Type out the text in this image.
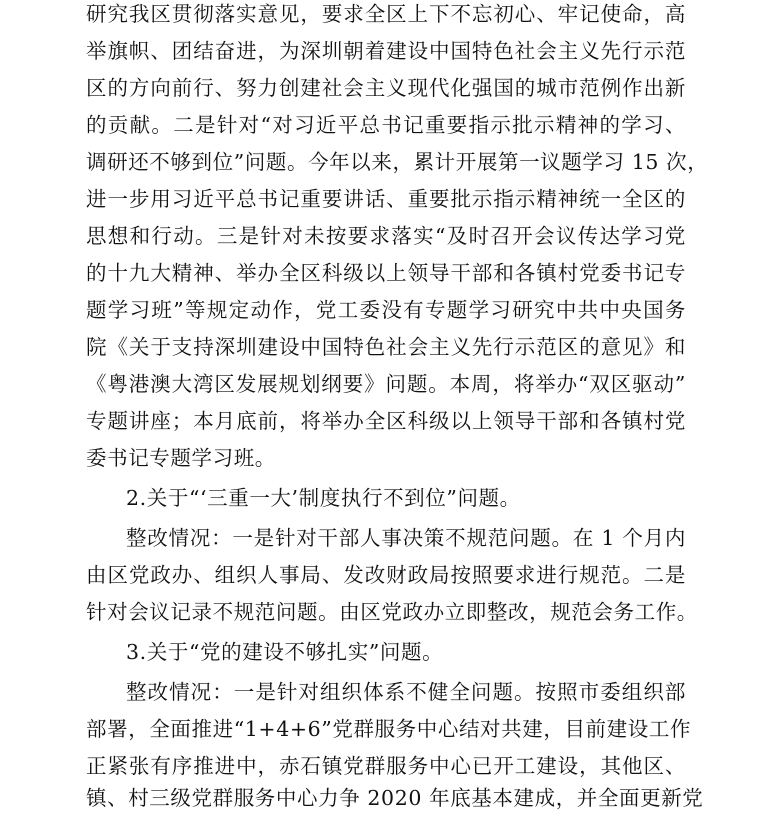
研究我区贯彻落实意见，要求全区上下不忘初心、牢记使命，高
举旗帜、团结奋进，为深圳朝着建设中国特色社会主义先行示范
区的方向前行、努力创建社会主义现代化强国的城市范例作出新
的贡献。二是针对“对习近平总书记重要指示批示精神的学习、
调研还不够到位”问题。今年以来，累计开展第一议题学习 15 次，
进一步用习近平总书记重要讲话、重要批示指示精神统一全区的
思想和行动。三是针对未按要求落实“及时召开会议传达学习党
的十九大精神、举办全区科级以上领导干部和各镇村党委书记专
题学习班”等规定动作，党工委没有专题学习研究中共中央国务
院《关于支持深圳建设中国特色社会主义先行示范区的意见》和
《粤港澳大湾区发展规划纲要》问题。本周，将举办“双区驱动”
专题讲座；本月底前，将举办全区科级以上领导干部和各镇村党
委书记专题学习班。
2.关于“‘三重一大’制度执行不到位”问题。
整改情况：一是针对干部人事决策不规范问题。在 1 个月内
由区党政办、组织人事局、发改财政局按照要求进行规范。二是
针对会议记录不规范问题。由区党政办立即整改，规范会务工作。
3.关于“党的建设不够扎实”问题。
整改情况：一是针对组织体系不健全问题。按照市委组织部
部署，全面推进“1+4+6”党群服务中心结对共建，目前建设工作
正紧张有序推进中，赤石镇党群服务中心已开工建设，其他区、
镇、村三级党群服务中心力争 2020 年底基本建成，并全面更新党
